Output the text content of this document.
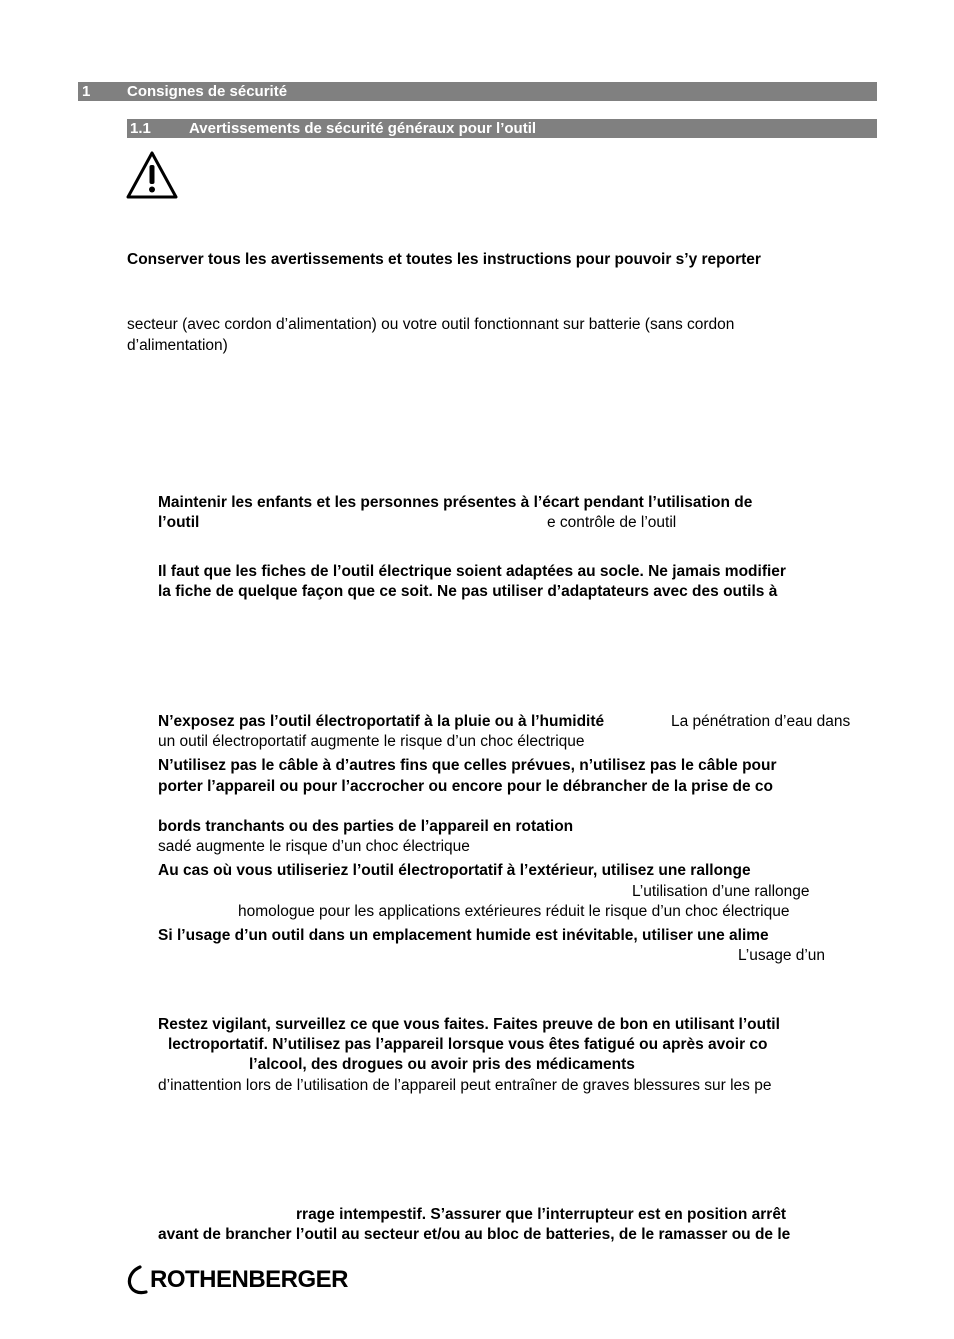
1 Consignes de sécurité
1.1	Avertissements de sécurité généraux pour l’outil
Conserver tous les avertissements et toutes les instructions pour pouvoir s’y reporter
secteur (avec cordon d’alimentation) ou votre outil fonctionnant sur batterie (sans cordon
d’alimentation)
Maintenir les enfants et les personnes présentes à l’écart pendant l’utilisation de
l’outil	e contrôle de l’outil
Il faut que les fiches de l’outil électrique soient adaptées au socle. Ne jamais modifier
la fiche de quelque façon que ce soit. Ne pas utiliser d’adaptateurs avec des outils à
N’exposez pas l’outil électroportatif à la pluie ou à l’humidité	La pénétration d’eau dans
un outil électroportatif augmente le risque d’un choc électrique
N’utilisez pas le câble à d’autres fins que celles prévues, n’utilisez pas le câble pour
porter l’appareil ou pour l’accrocher ou encore pour le débrancher de la prise de co
bords tranchants ou des parties de l’appareil en rotation
sadé augmente le risque d’un choc électrique
Au cas où vous utiliseriez l’outil électroportatif à l’extérieur, utilisez une rallonge
L’utilisation d’une rallonge
homologue pour les applications extérieures réduit le risque d’un choc électrique
Si l’usage d’un outil dans un emplacement humide est inévitable, utiliser une alime
L’usage d’un
Restez vigilant, surveillez ce que vous faites. Faites preuve de bon en utilisant l’outil
lectroportatif. N’utilisez pas l’appareil lorsque vous êtes fatigué ou après avoir co
l’alcool, des drogues ou avoir pris des médicaments
d’inattention lors de l’utilisation de l’appareil peut entraîner de graves blessures sur les pe
rrage intempestif. S’assurer que l’interrupteur est en position arrêt
avant de brancher l’outil au secteur et/ou au bloc de batteries, de le ramasser ou de le
ROTHENBERGER
